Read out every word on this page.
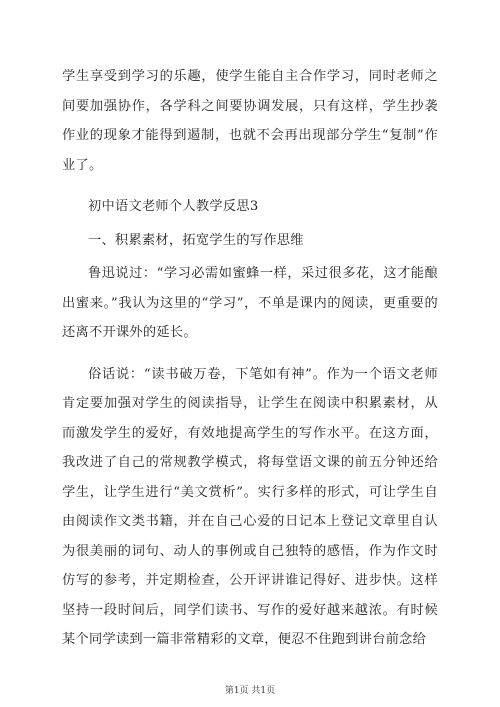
学生享受到学习的乐趣，使学生能自主合作学习，同时老师之间要加强协作，各学科之间要协调发展，只有这样，学生抄袭作业的现象才能得到遏制，也就不会再出现部分学生“复制”作业了。

初中语文老师个人教学反思3

一、积累素材，拓宽学生的写作思维

鲁迅说过：“学习必需如蜜蜂一样，采过很多花，这才能酿出蜜来。”我认为这里的“学习”，不单是课内的阅读，更重要的还离不开课外的延长。

俗话说：“读书破万卷，下笔如有神”。作为一个语文老师肯定要加强对学生的阅读指导，让学生在阅读中积累素材，从而激发学生的爱好，有效地提高学生的写作水平。在这方面，我改进了自己的常规教学模式，将每堂语文课的前五分钟还给学生，让学生进行“美文赏析”。实行多样的形式，可让学生自由阅读作文类书籍，并在自己心爱的日记本上登记文章里自认为很美丽的词句、动人的事例或自己独特的感悟，作为作文时仿写的参考，并定期检查，公开评讲谁记得好、进步快。这样坚持一段时间后，同学们读书、写作的爱好越来越浓。有时候某个同学读到一篇非常精彩的文章，便忍不住跑到讲台前念给

第1页 共1页
